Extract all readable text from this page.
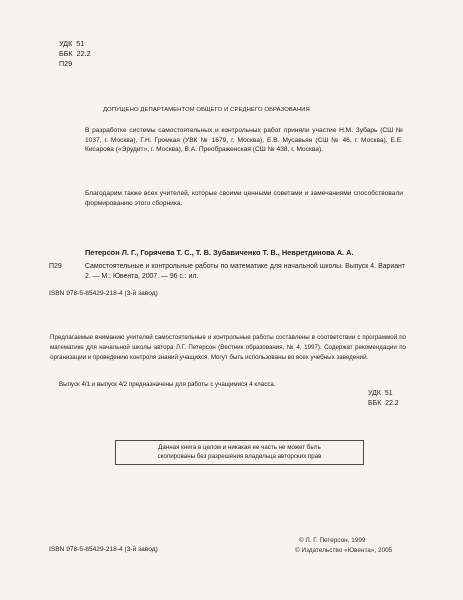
УДК  51
ББК  22.2
П29
ДОПУЩЕНО ДЕПАРТАМЕНТОМ ОБЩЕГО И СРЕДНЕГО ОБРАЗОВАНИЯ
В разработке системы самостоятельных и контрольных работ приняли участие Н.М. Зубарь (СШ № 1037, г. Москва), Г.Н. Громкая (УВК № 1679, г. Москва), Е.В. Мусавьян (СШ № 46, г. Москва), Е.Е. Кисарова («Эрудит», г. Москва), В.А. Преображенская (СШ № 438, г. Москва).
Благодарим также всех учителей, которые своими ценными советами и замечаниями способствовали формированию этого сборника.
Петерсон Л. Г., Горячева Т. С., Т. В. Зубавиченко Т. В., Невретдинова А. А.
П29	Самостоятельные и контрольные работы по математике для начальной школы. Выпуск 4. Вариант 2. — М.: Ювента, 2007. — 96 с.: ил.
ISBN 978-5-85429-218-4 (3-й завод)
Предлагаемые вниманию учителей самостоятельные и контрольные работы составлены в соответствии с программой по математике для начальной школы автора Л.Г. Петерсон (Вестник образования, № 4, 1997). Содержат рекомендации по организации и проведению контроля знаний учащихся. Могут быть использованы во всех учебных заведений.
Выпуск 4/1 и выпуск 4/2 предназначены для работы с учащимися 4 класса.
УДК  51
ББК  22.2
Данная книга в целом и никакая ее часть не может быть
скопированы без разрешения владельца авторских прав
ISBN 978-5-85429-218-4 (3-й завод)
© Л. Г. Петерсон, 1999
© Издательство «Ювента», 2005
